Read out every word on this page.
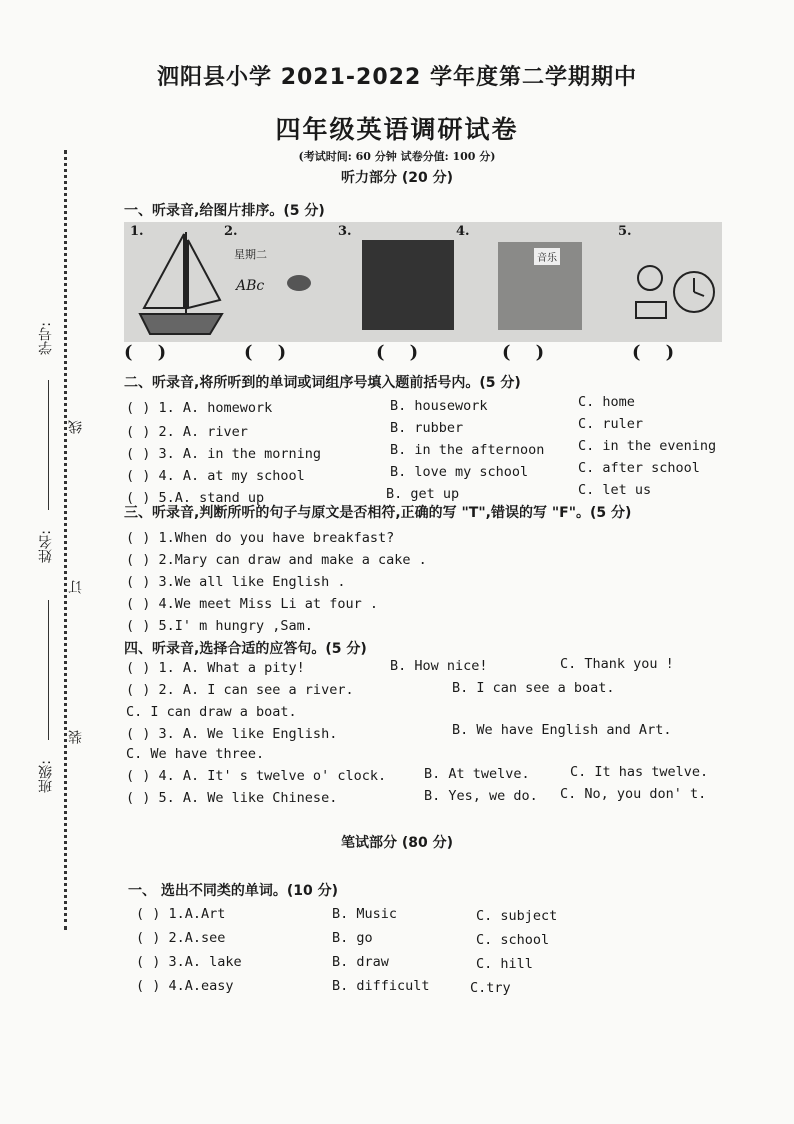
学号:
线
姓名:
订
班级:
装
泗阳县小学 2021-2022 学年度第二学期期中
四年级英语调研试卷
(考试时间: 60 分钟 试卷分值: 100 分)
听力部分 (20 分)
一、听录音,给图片排序。(5 分)
1.	2.	3.	4.	5.
星期二
ABc
音乐
(    )	(    )	(    )	(    )	(    )
二、听录音,将所听到的单词或词组序号填入题前括号内。(5 分)
( ) 1. A. homework	B. housework	C. home
( ) 2. A. river	B. rubber	C. ruler
( ) 3. A. in the morning	B. in the afternoon C. in the evening
( ) 4. A. at my school	B. love my school	C. after school
( ) 5.A. stand up	B. get up	C. let us
三、听录音,判断所听的句子与原文是否相符,正确的写 "T",错误的写 "F"。(5 分)
( ) 1.When do you have breakfast?
( ) 2.Mary can draw and make a cake .
( ) 3.We all like English .
( ) 4.We meet Miss Li at four .
( ) 5.I' m hungry ,Sam.
四、听录音,选择合适的应答句。(5 分)
( ) 1. A. What a pity!	B. How nice!	C. Thank you !
( ) 2. A. I can see a river.	B. I can see a boat.
C. I can draw a boat.
( ) 3. A. We like English.	B. We have English and Art.
C. We have three.
( ) 4. A. It' s twelve o' clock.	B. At twelve.	C. It has twelve.
( ) 5. A. We like Chinese.	B. Yes, we do. C. No, you don' t.
笔试部分 (80 分)
一、 选出不同类的单词。(10 分)
( ) 1.A.Art	B. Music	C. subject
( ) 2.A.see	B. go	C. school
( ) 3.A. lake	B. draw	C. hill
( ) 4.A.easy	B. difficult	C.try
